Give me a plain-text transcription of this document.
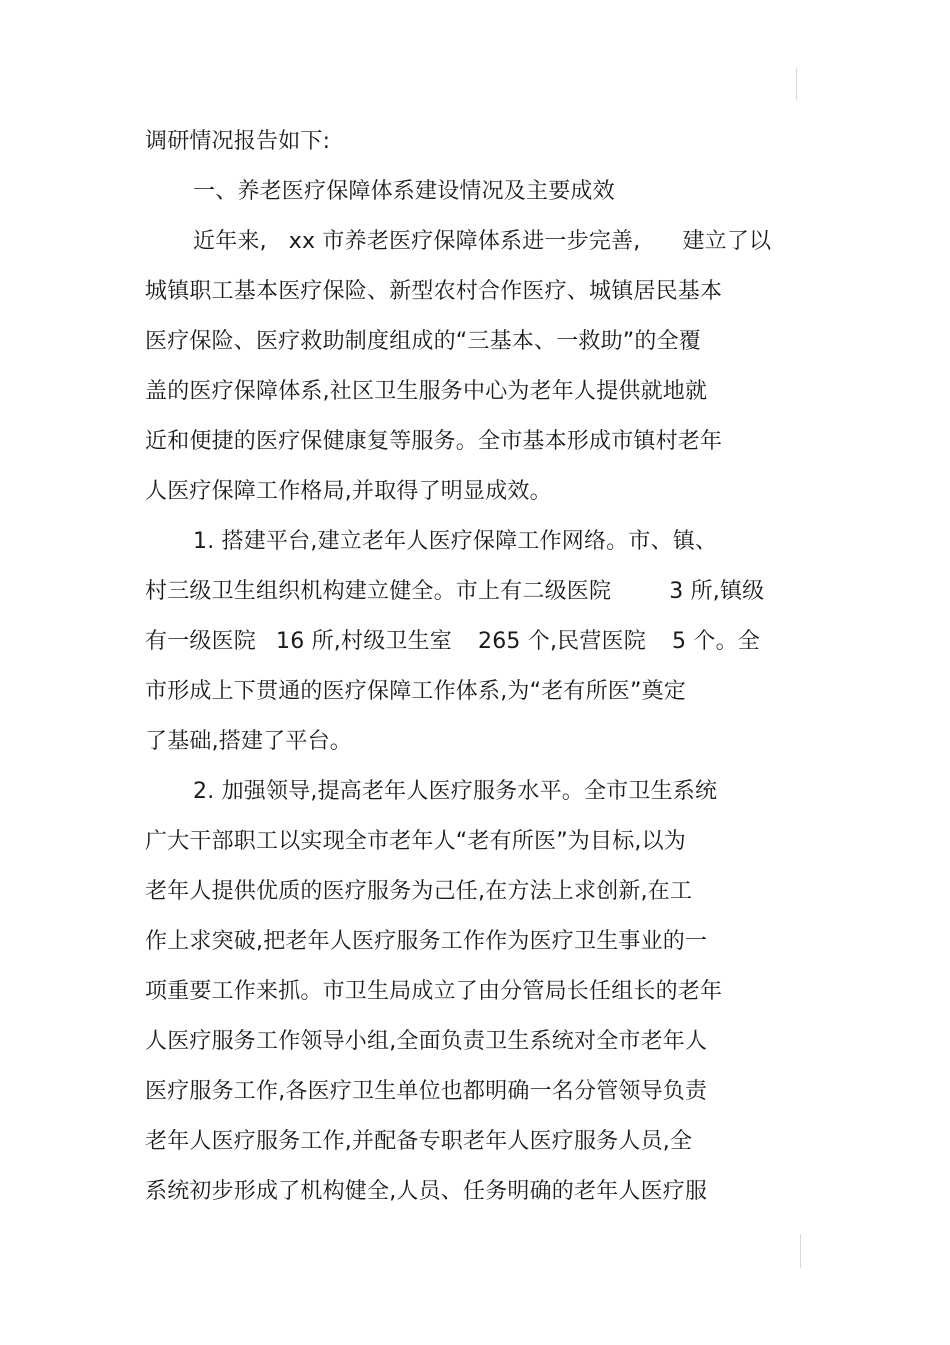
调研情况报告如下:
一、养老医疗保障体系建设情况及主要成效
近年来, xx 市养老医疗保障体系进一步完善, 建立了以
城镇职工基本医疗保险、新型农村合作医疗、城镇居民基本
医疗保险、医疗救助制度组成的“三基本、一救助”的全覆
盖的医疗保障体系,社区卫生服务中心为老年人提供就地就
近和便捷的医疗保健康复等服务。全市基本形成市镇村老年
人医疗保障工作格局,并取得了明显成效。
1. 搭建平台,建立老年人医疗保障工作网络。市、镇、
村三级卫生组织机构建立健全。市上有二级医院	3 所,镇级
有一级医院 16 所,村级卫生室 265 个,民营医院 5 个。全
市形成上下贯通的医疗保障工作体系,为“老有所医”奠定
了基础,搭建了平台。
2. 加强领导,提高老年人医疗服务水平。全市卫生系统
广大干部职工以实现全市老年人“老有所医”为目标,以为
老年人提供优质的医疗服务为己任,在方法上求创新,在工
作上求突破,把老年人医疗服务工作作为医疗卫生事业的一
项重要工作来抓。市卫生局成立了由分管局长任组长的老年
人医疗服务工作领导小组,全面负责卫生系统对全市老年人
医疗服务工作,各医疗卫生单位也都明确一名分管领导负责
老年人医疗服务工作,并配备专职老年人医疗服务人员,全
系统初步形成了机构健全,人员、任务明确的老年人医疗服
